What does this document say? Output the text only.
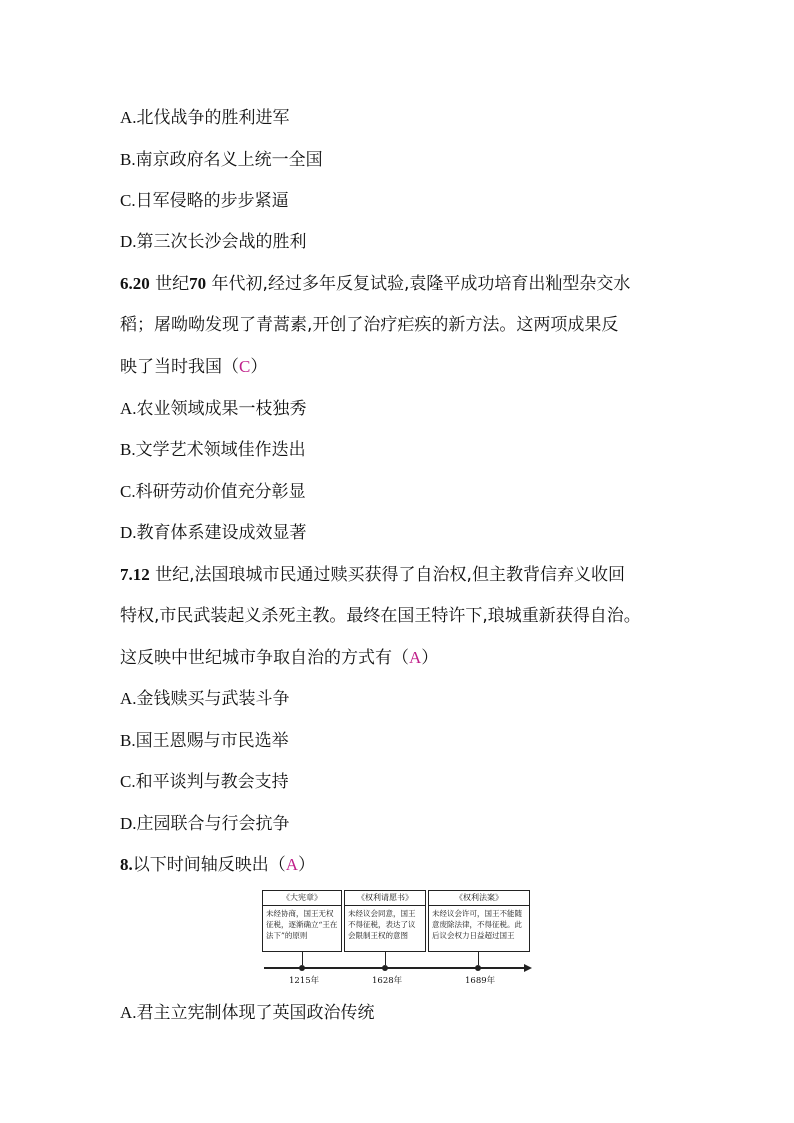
A.北伐战争的胜利进军

B.南京政府名义上统一全国

C.日军侵略的步步紧逼

D.第三次长沙会战的胜利

6.20 世纪70 年代初,经过多年反复试验,袁隆平成功培育出籼型杂交水

稻；屠呦呦发现了青蒿素,开创了治疗疟疾的新方法。这两项成果反

映了当时我国（C）

A.农业领域成果一枝独秀

B.文学艺术领域佳作迭出

C.科研劳动价值充分彰显

D.教育体系建设成效显著

7.12 世纪,法国琅城市民通过赎买获得了自治权,但主教背信弃义收回

特权,市民武装起义杀死主教。最终在国王特许下,琅城重新获得自治。

这反映中世纪城市争取自治的方式有（A）

A.金钱赎买与武装斗争

B.国王恩赐与市民选举

C.和平谈判与教会支持

D.庄园联合与行会抗争

8.以下时间轴反映出（A）

《大宪章》
未经协商，国王无权征税，逐渐确立“王在法下”的原则
《权利请愿书》
未经议会同意，国王不得征税，表达了议会限制王权的意图
《权利法案》
未经议会许可，国王不能随意废除法律，不得征税。此后议会权力日益超过国王
1215年	1628年	1689年

A.君主立宪制体现了英国政治传统
